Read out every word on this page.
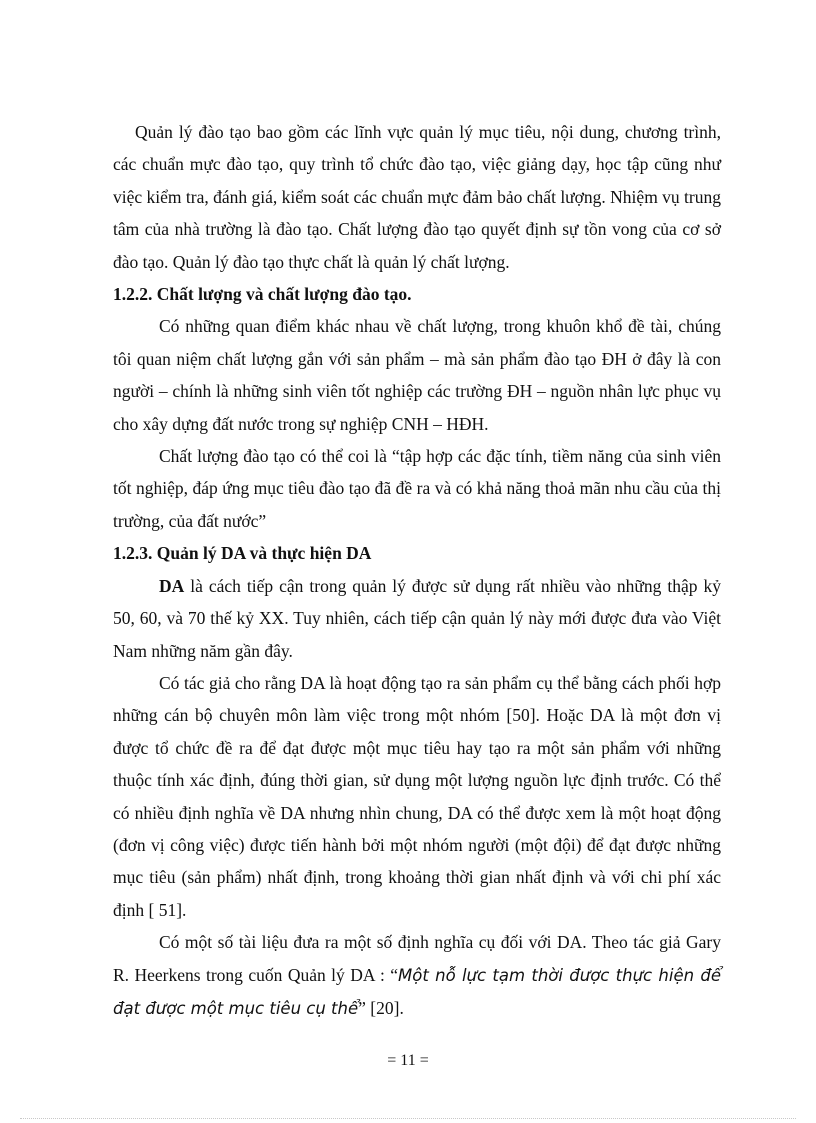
Quản lý đào tạo bao gồm các lĩnh vực quản lý mục tiêu, nội dung, chương trình, các chuẩn mực đào tạo, quy trình tổ chức đào tạo, việc giảng dạy, học tập cũng như việc kiểm tra, đánh giá, kiểm soát các chuẩn mực đảm bảo chất lượng. Nhiệm vụ trung tâm của nhà trường là đào tạo. Chất lượng đào tạo quyết định sự tồn vong của cơ sở đào tạo. Quản lý đào tạo thực chất là quản lý chất lượng.

1.2.2. Chất lượng và chất lượng đào tạo.

Có những quan điểm khác nhau về chất lượng, trong khuôn khổ đề tài, chúng tôi quan niệm chất lượng gắn với sản phẩm – mà sản phẩm đào tạo ĐH ở đây là con người – chính là những sinh viên tốt nghiệp các trường ĐH – nguồn nhân lực phục vụ cho xây dựng đất nước trong sự nghiệp CNH – HĐH.

Chất lượng đào tạo có thể coi là “tập hợp các đặc tính, tiềm năng của sinh viên tốt nghiệp, đáp ứng mục tiêu đào tạo đã đề ra và có khả năng thoả mãn nhu cầu của thị trường, của đất nước”

1.2.3. Quản lý DA và thực hiện DA

DA là cách tiếp cận trong quản lý được sử dụng rất nhiều vào những thập kỷ 50, 60, và 70 thế kỷ XX. Tuy nhiên, cách tiếp cận quản lý này mới được đưa vào Việt Nam những năm gần đây.

Có tác giả cho rằng DA là hoạt động tạo ra sản phẩm cụ thể bằng cách phối hợp những cán bộ chuyên môn làm việc trong một nhóm [50]. Hoặc DA là một đơn vị được tổ chức đề ra để đạt được một mục tiêu hay tạo ra một sản phẩm với những thuộc tính xác định, đúng thời gian, sử dụng một lượng nguồn lực định trước. Có thể có nhiều định nghĩa về DA nhưng nhìn chung, DA có thể được xem là một hoạt động (đơn vị công việc) được tiến hành bởi một nhóm người (một đội) để đạt được những mục tiêu (sản phẩm) nhất định, trong khoảng thời gian nhất định và với chi phí xác định [ 51].

Có một số tài liệu đưa ra một số định nghĩa cụ đối với DA. Theo tác giả Gary R. Heerkens trong cuốn Quản lý DA : “Một nỗ lực tạm thời được thực hiện để đạt được một mục tiêu cụ thể” [20].

= 11 =
